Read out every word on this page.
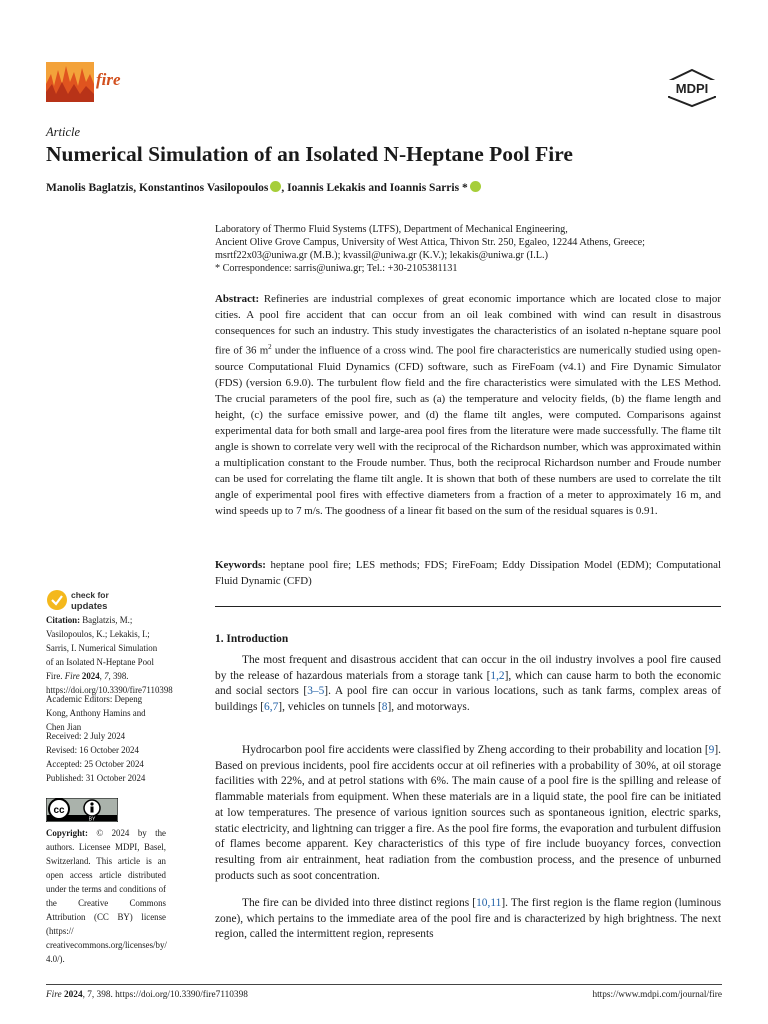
fire	MDPI
Article
Numerical Simulation of an Isolated N-Heptane Pool Fire
Manolis Baglatzis, Konstantinos Vasilopoulos , Ioannis Lekakis and Ioannis Sarris *
Laboratory of Thermo Fluid Systems (LTFS), Department of Mechanical Engineering,
Ancient Olive Grove Campus, University of West Attica, Thivon Str. 250, Egaleo, 12244 Athens, Greece;
msrtf22x03@uniwa.gr (M.B.); kvassil@uniwa.gr (K.V.); lekakis@uniwa.gr (I.L.)
* Correspondence: sarris@uniwa.gr; Tel.: +30-2105381131

Abstract: Refineries are industrial complexes of great economic importance which are located close to major cities. A pool fire accident that can occur from an oil leak combined with wind can result in disastrous consequences for such an industry. This study investigates the characteristics of an isolated n-heptane square pool fire of 36 $m^2$ under the influence of a cross wind. The pool fire characteristics are numerically studied using open-source Computational Fluid Dynamics (CFD) software, such as FireFoam (v4.1) and Fire Dynamic Simulator (FDS) (version 6.9.0). The turbulent flow field and the fire characteristics were simulated with the LES Method. The crucial parameters of the pool fire, such as (a) the temperature and velocity fields, (b) the flame length and height, (c) the surface emissive power, and (d) the flame tilt angles, were computed. Comparisons against experimental data for both small and large-area pool fires from the literature were made successfully. The flame tilt angle is shown to correlate very well with the reciprocal of the Richardson number, which was approximated within a multiplication constant to the Froude number. Thus, both the reciprocal Richardson number and Froude number can be used for correlating the flame tilt angle. It is shown that both of these numbers are used to correlate the tilt angle of experimental pool fires with effective diameters from a fraction of a meter to approximately 16 m, and wind speeds up to 7 m/s. The goodness of a linear fit based on the sum of the residual squares is 0.91.

Keywords: heptane pool fire; LES methods; FDS; FireFoam; Eddy Dissipation Model (EDM); Computational Fluid Dynamic (CFD)

1. Introduction

The most frequent and disastrous accident that can occur in the oil industry involves a pool fire caused by the release of hazardous materials from a storage tank [1,2], which can cause harm to both the economic and social sectors [3–5]. A pool fire can occur in various locations, such as tank farms, complex areas of buildings [6,7], vehicles on tunnels [8], and motorways.

Hydrocarbon pool fire accidents were classified by Zheng according to their probability and location [9]. Based on previous incidents, pool fire accidents occur at oil refineries with a probability of 30%, at oil storage facilities with 22%, and at petrol stations with 6%. The main cause of a pool fire is the spilling and release of flammable materials from equipment. When these materials are in a liquid state, the pool fire can be initiated at low temperatures. The presence of various ignition sources such as spontaneous ignition, electric sparks, static electricity, and lightning can trigger a fire. As the pool fire forms, the evaporation and turbulent diffusion of flames become apparent. Key characteristics of this type of fire include buoyancy forces, convection resulting from air entrainment, heat radiation from the combustion process, and the presence of unburned products such as soot concentration.

The fire can be divided into three distinct regions [10,11]. The first region is the flame region (luminous zone), which pertains to the immediate area of the pool fire and is characterized by high brightness. The next region, called the intermittent region, represents

check for
updates

Citation: Baglatzis, M.; Vasilopoulos, K.; Lekakis, I.; Sarris, I. Numerical Simulation of an Isolated N-Heptane Pool Fire. Fire 2024, 7, 398. https://doi.org/10.3390/fire7110398

Academic Editors: Depeng Kong, Anthony Hamins and Chen Jian

Received: 2 July 2024

Revised: 16 October 2024

Accepted: 25 October 2024

Published: 31 October 2024

cc
BY

Copyright: © 2024 by the authors. Licensee MDPI, Basel, Switzerland. This article is an open access article distributed under the terms and conditions of the Creative Commons Attribution (CC BY) license (https:// creativecommons.org/licenses/by/ 4.0/).

Fire 2024, 7, 398. https://doi.org/10.3390/fire7110398	https://www.mdpi.com/journal/fire
